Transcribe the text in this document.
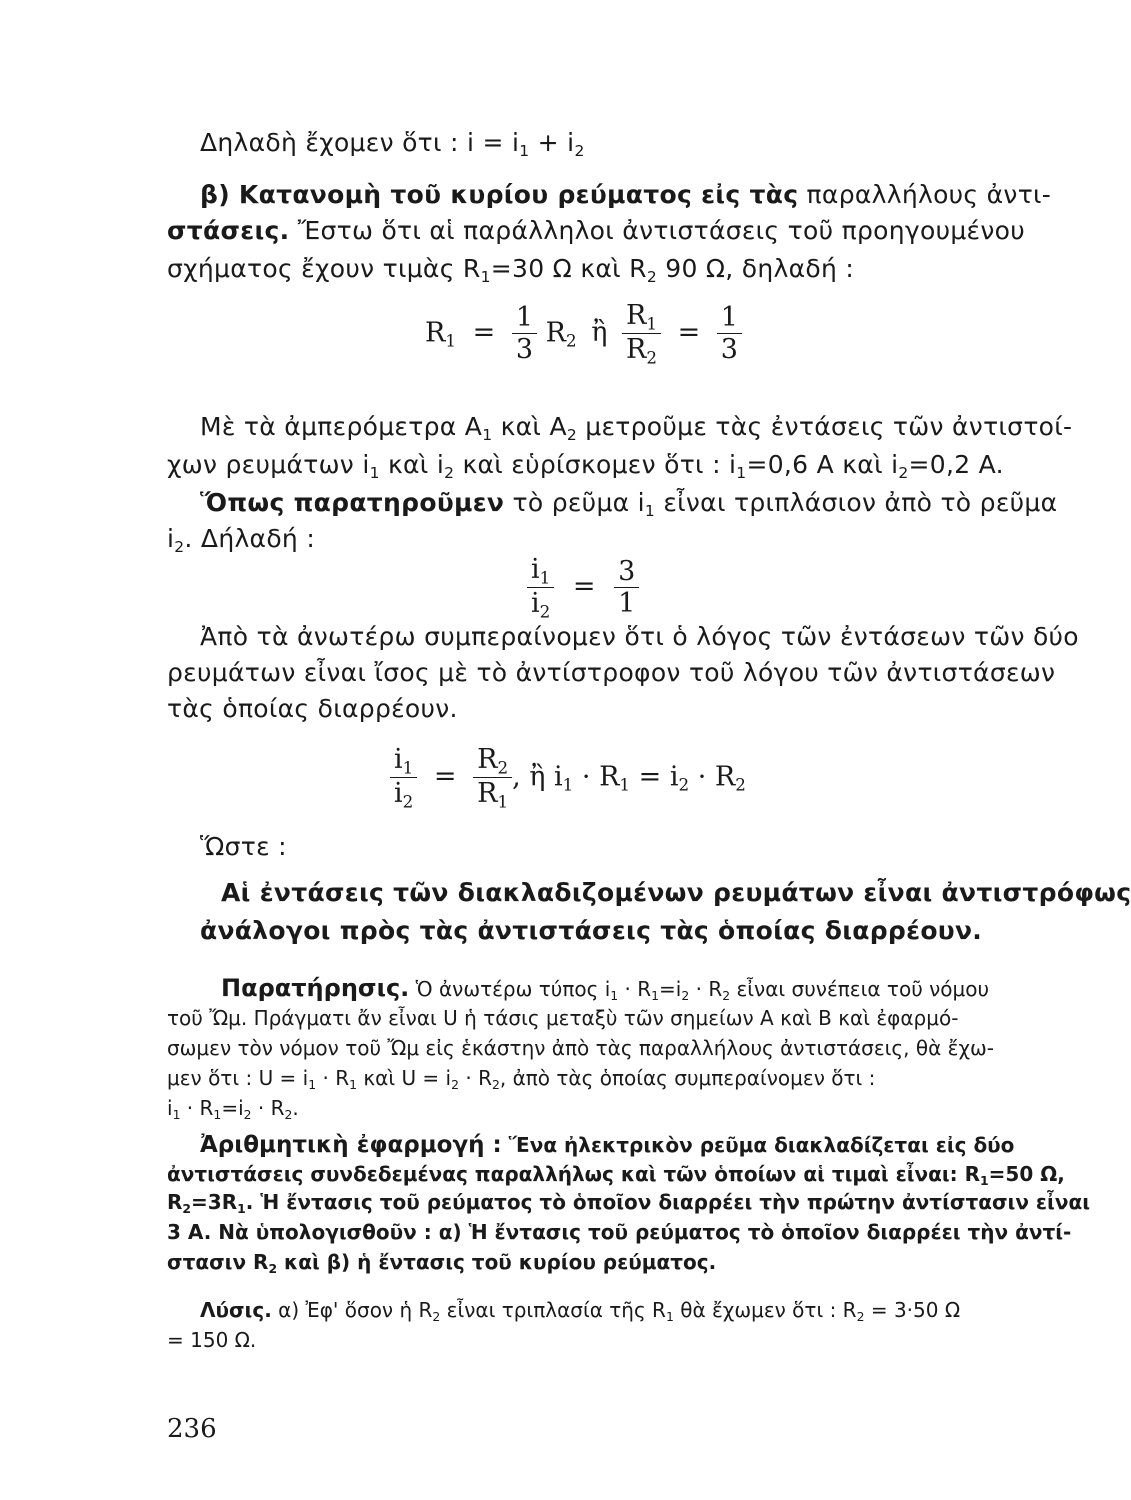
Δηλαδὴ ἔχομεν ὅτι : $i = i_1 + i_2$
β) Κατανομὴ τοῦ κυρίου ρεύματος εἰς τὰς παραλλήλους ἀντι-
στάσεις. Ἔστω ὅτι αἱ παράλληλοι ἀντιστάσεις τοῦ προηγουμένου
σχήματος ἔχουν τιμὰς $R_1=30$ Ω καὶ $R_2$ 90 Ω, δηλαδή :
$R_1 = \frac{1}{3} R_2$ ἢ $\frac{R_1}{R_2} = \frac{1}{3}$
Μὲ τὰ ἀμπερόμετρα $A_1$ καὶ $A_2$ μετροῦμε τὰς ἐντάσεις τῶν ἀντιστοί-
χων ρευμάτων $i_1$ καὶ $i_2$ καὶ εὑρίσκομεν ὅτι : $i_1=0,6$ A καὶ $i_2=0,2$ A.
Ὅπως παρατηροῦμεν τὸ ρεῦμα $i_1$ εἶναι τριπλάσιον ἀπὸ τὸ ρεῦμα
$i_2$. Δήλαδή :
$\frac{i_1}{i_2} = \frac{3}{1}$
Ἀπὸ τὰ ἀνωτέρω συμπεραίνομεν ὅτι ὁ λόγος τῶν ἐντάσεων τῶν δύο
ρευμάτων εἶναι ἴσος μὲ τὸ ἀντίστροφον τοῦ λόγου τῶν ἀντιστάσεων
τὰς ὁποίας διαρρέουν.
$\frac{i_1}{i_2} = \frac{R_2}{R_1}$ , ἢ $i_1 \cdot R_1 = i_2 \cdot R_2$
Ὥστε :
Αἱ ἐντάσεις τῶν διακλαδιζομένων ρευμάτων εἶναι ἀντιστρόφως
ἀνάλογοι πρὸς τὰς ἀντιστάσεις τὰς ὁποίας διαρρέουν.
Παρατήρησις. Ὁ ἀνωτέρω τύπος $i_1 \cdot R_1=i_2 \cdot R_2$ εἶναι συνέπεια τοῦ νόμου
τοῦ Ὤμ. Πράγματι ἄν εἶναι U ἡ τάσις μεταξὺ τῶν σημείων A καὶ B καὶ ἐφαρμό-
σωμεν τὸν νόμον τοῦ Ὤμ εἰς ἑκάστην ἀπὸ τὰς παραλλήλους ἀντιστάσεις, θὰ ἔχω-
μεν ὅτι : $U = i_1 \cdot R_1$ καὶ $U = i_2 \cdot R_2$, ἀπὸ τὰς ὁποίας συμπεραίνομεν ὅτι :
$i_1 \cdot R_1=i_2 \cdot R_2$.
Ἀριθμητικὴ ἐφαρμογή : Ἕνα ἠλεκτρικὸν ρεῦμα διακλαδίζεται εἰς δύο
ἀντιστάσεις συνδεδεμένας παραλλήλως καὶ τῶν ὁποίων αἱ τιμαὶ εἶναι: $R_1=50$ Ω,
$R_2=3R_1$. Ἡ ἔντασις τοῦ ρεύματος τὸ ὁποῖον διαρρέει τὴν πρώτην ἀντίστασιν εἶναι
3 A. Νὰ ὑπολογισθοῦν : α) Ἡ ἔντασις τοῦ ρεύματος τὸ ὁποῖον διαρρέει τὴν ἀντί-
στασιν $R_2$ καὶ β) ἡ ἔντασις τοῦ κυρίου ρεύματος.
Λύσις. α) Ἐφ' ὅσον ἡ $R_2$ εἶναι τριπλασία τῆς $R_1$ θὰ ἔχωμεν ὅτι : $R_2 = 3\cdot 50$ Ω
= 150 Ω.
236
